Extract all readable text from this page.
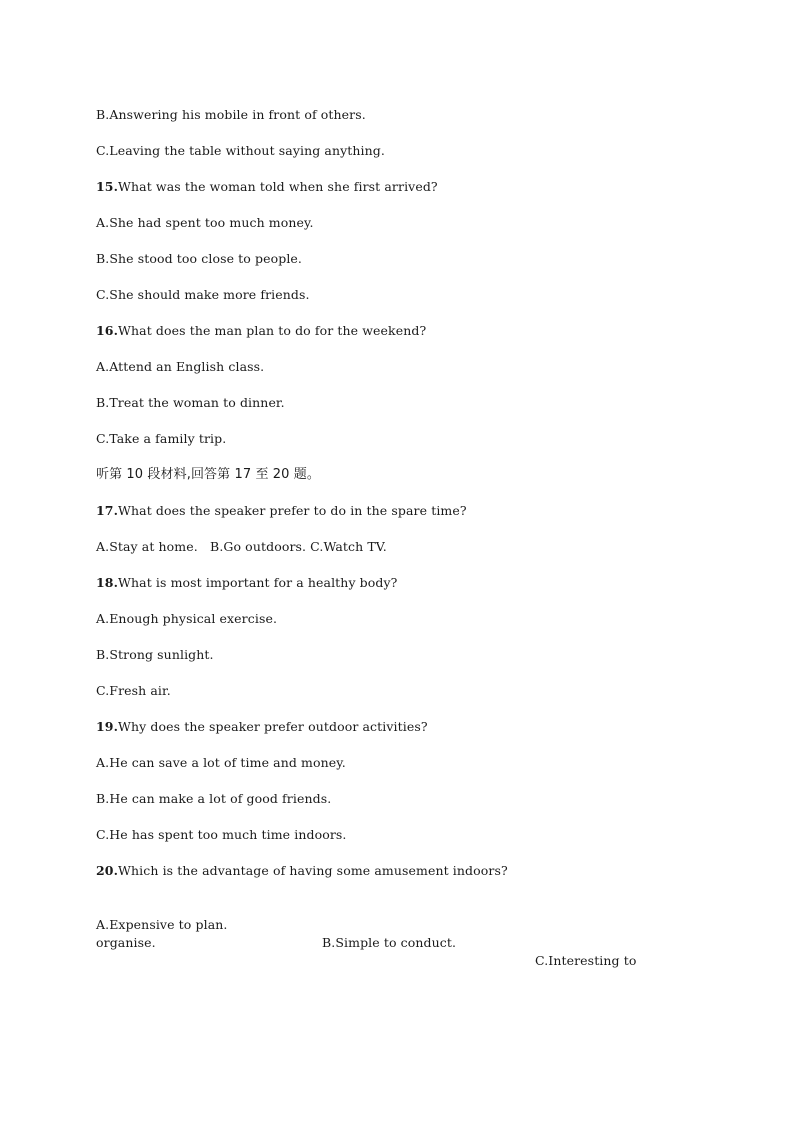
B.Answering his mobile in front of others.
C.Leaving the table without saying anything.
15.What was the woman told when she first arrived?
A.She had spent too much money.
B.She stood too close to people.
C.She should make more friends.
16.What does the man plan to do for the weekend?
A.Attend an English class.
B.Treat the woman to dinner.
C.Take a family trip.
听第 10 段材料,回答第 17 至 20 题。
17.What does the speaker prefer to do in the spare time?
A.Stay at home.   B.Go outdoors. C.Watch TV.
18.What is most important for a healthy body?
A.Enough physical exercise.
B.Strong sunlight.
C.Fresh air.
19.Why does the speaker prefer outdoor activities?
A.He can save a lot of time and money.
B.He can make a lot of good friends.
C.He has spent too much time indoors.
20.Which is the advantage of having some amusement indoors?

A.Expensive to plan.

B.Simple to conduct.

C.Interesting to

organise.
